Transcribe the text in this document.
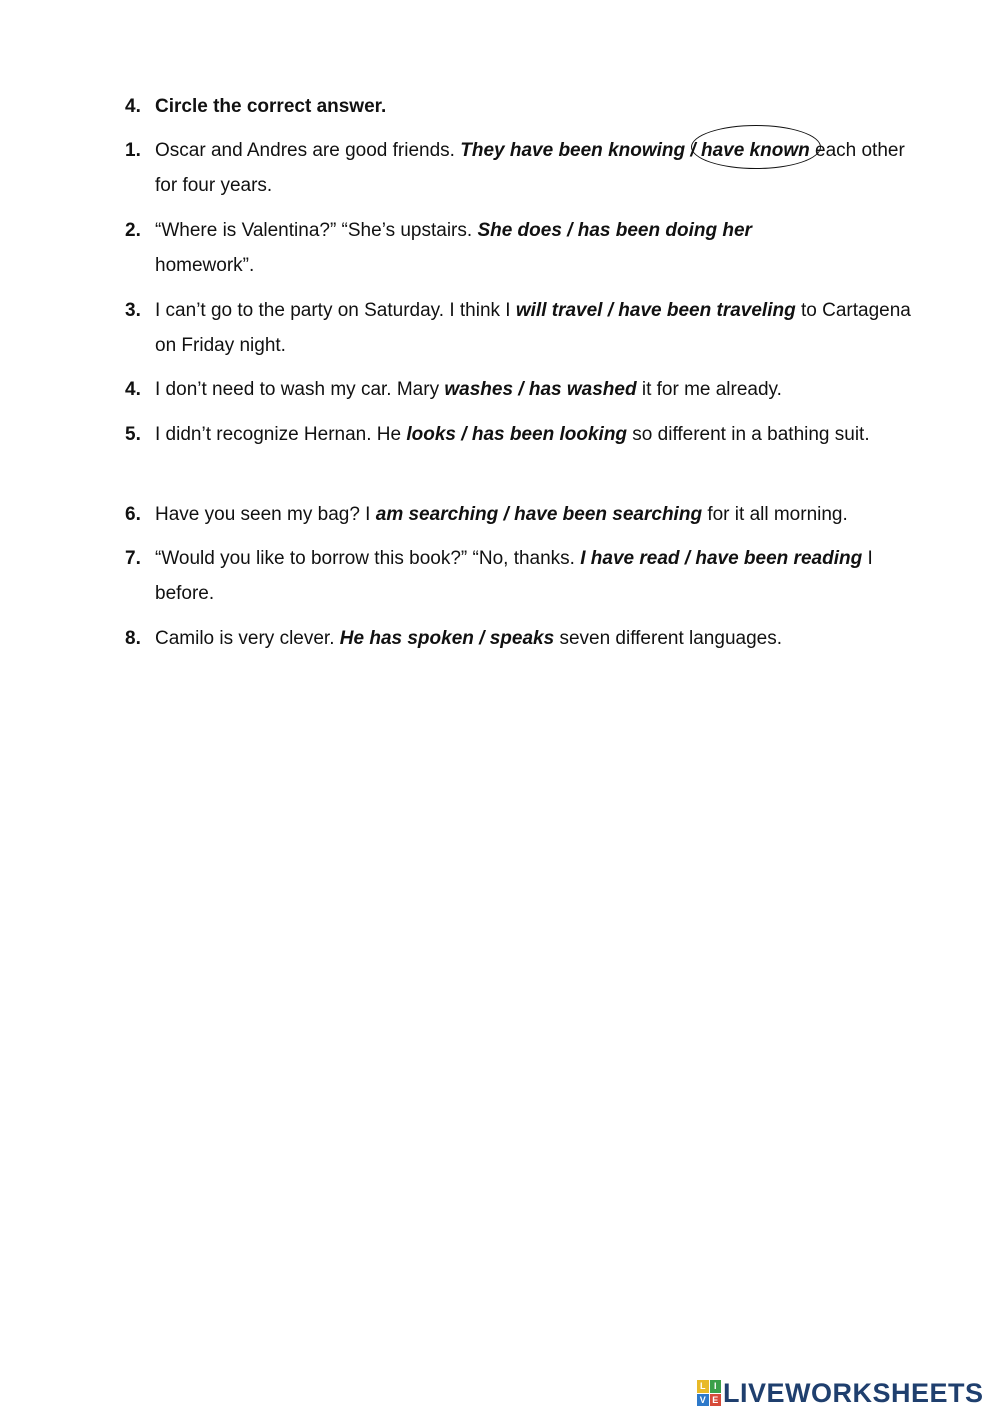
4. Circle the correct answer.
1. Oscar and Andres are good friends. They have been knowing / have known
each other for four years.
2. “Where is Valentina?” “She’s upstairs. She does / has been doing her
homework”.
3. I can’t go to the party on Saturday. I think I will travel / have been traveling to Cartagena on Friday night.
4. I don’t need to wash my car. Mary washes / has washed it for me already.
5. I didn’t recognize Hernan. He looks / has been looking so different in a bathing suit.
6. Have you seen my bag? I am searching / have been searching for it all morning.
7. “Would you like to borrow this book?” “No, thanks. I have read / have been reading I before.
8. Camilo is very clever. He has spoken / speaks seven different languages.
L I
V E LIVEWORKSHEETS
